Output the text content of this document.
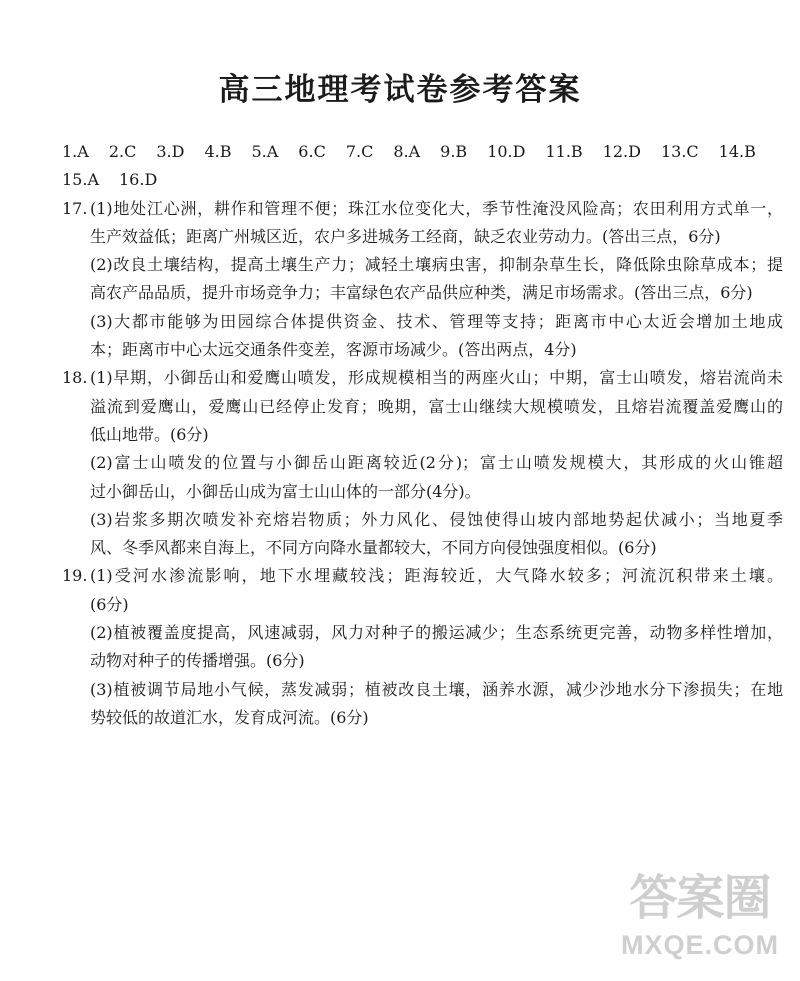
高三地理考试卷参考答案
1.A 2.C 3.D 4.B 5.A 6.C 7.C 8.A 9.B 10.D 11.B 12.D 13.C 14.B
15.A 16.D
17. (1)地处江心洲，耕作和管理不便；珠江水位变化大，季节性淹没风险高；农田利用方式单一，
生产效益低；距离广州城区近，农户多进城务工经商，缺乏农业劳动力。(答出三点，6分)
(2)改良土壤结构，提高土壤生产力；减轻土壤病虫害，抑制杂草生长，降低除虫除草成本；提
高农产品品质，提升市场竞争力；丰富绿色农产品供应种类，满足市场需求。(答出三点，6分)
(3)大都市能够为田园综合体提供资金、技术、管理等支持；距离市中心太近会增加土地成
本；距离市中心太远交通条件变差，客源市场减少。(答出两点，4分)
18. (1)早期，小御岳山和爱鹰山喷发，形成规模相当的两座火山；中期，富士山喷发，熔岩流尚未
溢流到爱鹰山，爱鹰山已经停止发育；晚期，富士山继续大规模喷发，且熔岩流覆盖爱鹰山的
低山地带。(6分)
(2)富士山喷发的位置与小御岳山距离较近(2分)；富士山喷发规模大，其形成的火山锥超
过小御岳山，小御岳山成为富士山山体的一部分(4分)。
(3)岩浆多期次喷发补充熔岩物质；外力风化、侵蚀使得山坡内部地势起伏减小；当地夏季
风、冬季风都来自海上，不同方向降水量都较大，不同方向侵蚀强度相似。(6分)
19. (1)受河水渗流影响，地下水埋藏较浅；距海较近，大气降水较多；河流沉积带来土壤。
(6分)
(2)植被覆盖度提高，风速减弱，风力对种子的搬运减少；生态系统更完善，动物多样性增加，
动物对种子的传播增强。(6分)
(3)植被调节局地小气候，蒸发减弱；植被改良土壤，涵养水源，减少沙地水分下渗损失；在地
势较低的故道汇水，发育成河流。(6分)
答案圈
MXQE.COM
